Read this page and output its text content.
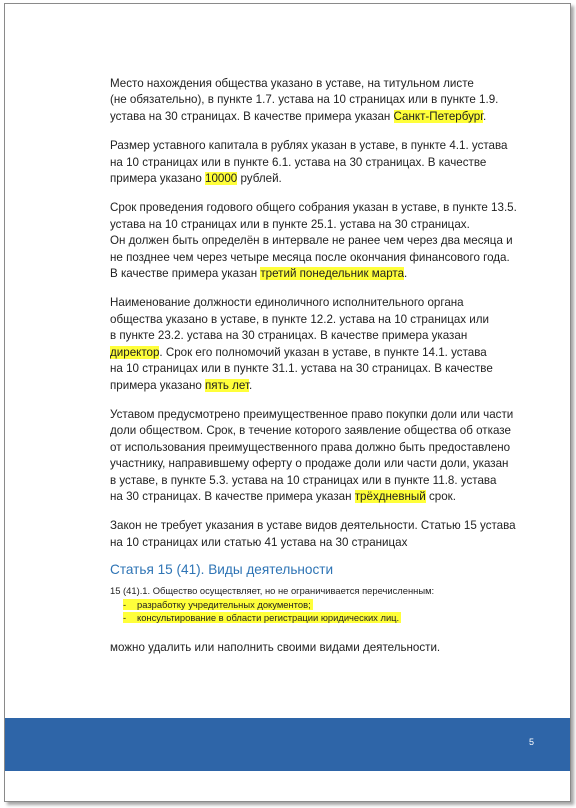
Место нахождения общества указано в уставе, на титульном листе
(не обязательно), в пункте 1.7. устава на 10 страницах или в пункте 1.9.
устава на 30 страницах. В качестве примера указан Санкт-Петербург.

Размер уставного капитала в рублях указан в уставе, в пункте 4.1. устава
на 10 страницах или в пункте 6.1. устава на 30 страницах. В качестве
примера указано 10000 рублей.

Срок проведения годового общего собрания указан в уставе, в пункте 13.5.
устава на 10 страницах или в пункте 25.1. устава на 30 страницах.
Он должен быть определён в интервале не ранее чем через два месяца и
не позднее чем через четыре месяца после окончания финансового года.
В качестве примера указан третий понедельник марта.

Наименование должности единоличного исполнительного органа
общества указано в уставе, в пункте 12.2. устава на 10 страницах или
в пункте 23.2. устава на 30 страницах. В качестве примера указан
директор. Срок его полномочий указан в уставе, в пункте 14.1. устава
на 10 страницах или в пункте 31.1. устава на 30 страницах. В качестве
примера указано пять лет.

Уставом предусмотрено преимущественное право покупки доли или части
доли обществом. Срок, в течение которого заявление общества об отказе
от использования преимущественного права должно быть предоставлено
участнику, направившему оферту о продаже доли или части доли, указан
в уставе, в пункте 5.3. устава на 10 страницах или в пункте 11.8. устава
на 30 страницах. В качестве примера указан трёхдневный срок.

Закон не требует указания в уставе видов деятельности. Статью 15 устава
на 10 страницах или статью 41 устава на 30 страницах

Статья 15 (41). Виды деятельности
15 (41).1. Общество осуществляет, но не ограничивается перечисленным:
- разработку учредительных документов;
- консультирование в области регистрации юридических лиц.

можно удалить или наполнить своими видами деятельности.

5
